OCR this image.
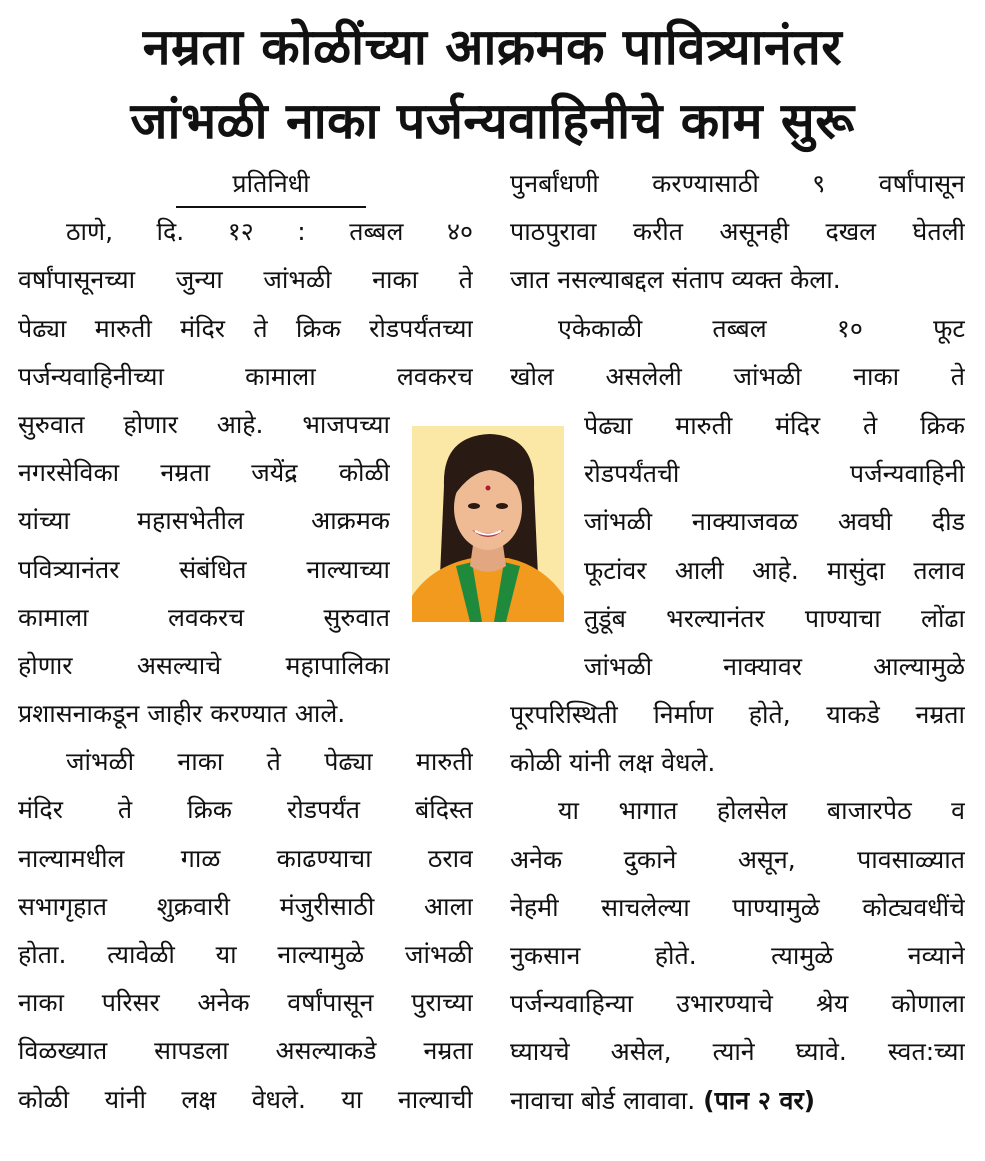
नम्रता कोळींच्या आक्रमक पावित्र्यानंतर
जांभळी नाका पर्जन्यवाहिनीचे काम सुरू
प्रतिनिधी
ठाणे, दि. १२ : तब्बल ४०
वर्षांपासूनच्या जुन्या जांभळी नाका ते
पेढ्या मारुती मंदिर ते क्रिक रोडपर्यंतच्या
पर्जन्यवाहिनीच्या कामाला लवकरच
सुरुवात होणार आहे. भाजपच्या
नगरसेविका नम्रता जयेंद्र कोळी
यांच्या महासभेतील आक्रमक
पवित्र्यानंतर संबंधित नाल्याच्या
कामाला लवकरच सुरुवात
होणार असल्याचे महापालिका
प्रशासनाकडून जाहीर करण्यात आले.
जांभळी नाका ते पेढ्या मारुती
मंदिर ते क्रिक रोडपर्यंत बंदिस्त
नाल्यामधील गाळ काढण्याचा ठराव
सभागृहात शुक्रवारी मंजुरीसाठी आला
होता. त्यावेळी या नाल्यामुळे जांभळी
नाका परिसर अनेक वर्षांपासून पुराच्या
विळख्यात सापडला असल्याकडे नम्रता
कोळी यांनी लक्ष वेधले. या नाल्याची
पुनर्बांधणी करण्यासाठी ९ वर्षांपासून
पाठपुरावा करीत असूनही दखल घेतली
जात नसल्याबद्दल संताप व्यक्त केला.
एकेकाळी तब्बल १० फूट
खोल असलेली जांभळी नाका ते
पेढ्या मारुती मंदिर ते क्रिक
रोडपर्यंतची पर्जन्यवाहिनी
जांभळी नाक्याजवळ अवघी दीड
फूटांवर आली आहे. मासुंदा तलाव
तुडूंब भरल्यानंतर पाण्याचा लोंढा
जांभळी नाक्यावर आल्यामुळे
पूरपरिस्थिती निर्माण होते, याकडे नम्रता
कोळी यांनी लक्ष वेधले.
या भागात होलसेल बाजारपेठ व
अनेक दुकाने असून, पावसाळ्यात
नेहमी साचलेल्या पाण्यामुळे कोट्यवधींचे
नुकसान होते. त्यामुळे नव्याने
पर्जन्यवाहिन्या उभारण्याचे श्रेय कोणाला
घ्यायचे असेल, त्याने घ्यावे. स्वत:च्या
नावाचा बोर्ड लावावा. (पान २ वर)
